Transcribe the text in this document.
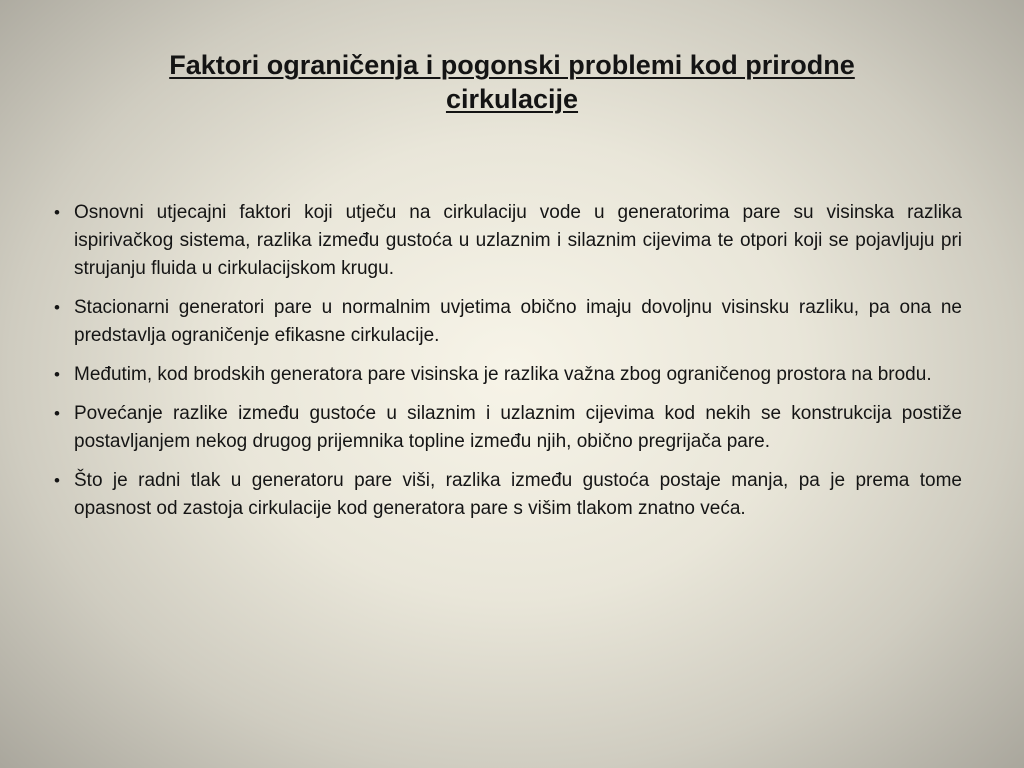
Faktori ograničenja i pogonski problemi kod prirodne cirkulacije
• Osnovni utjecajni faktori koji utječu na cirkulaciju vode u generatorima pare su visinska razlika ispirivačkog sistema, razlika između gustoća u uzlaznim i silaznim cijevima te otpori koji se pojavljuju pri strujanju fluida u cirkulacijskom krugu.
• Stacionarni generatori pare u normalnim uvjetima obično imaju dovoljnu visinsku razliku, pa ona ne predstavlja ograničenje efikasne cirkulacije.
• Međutim, kod brodskih generatora pare visinska je razlika važna zbog ograničenog prostora na brodu.
• Povećanje razlike između gustoće u silaznim i uzlaznim cijevima kod nekih se konstrukcija postiže postavljanjem nekog drugog prijemnika topline između njih, obično pregrijača pare.
• Što je radni tlak u generatoru pare viši, razlika između gustoća postaje manja, pa je prema tome opasnost od zastoja cirkulacije kod generatora pare s višim tlakom znatno veća.
